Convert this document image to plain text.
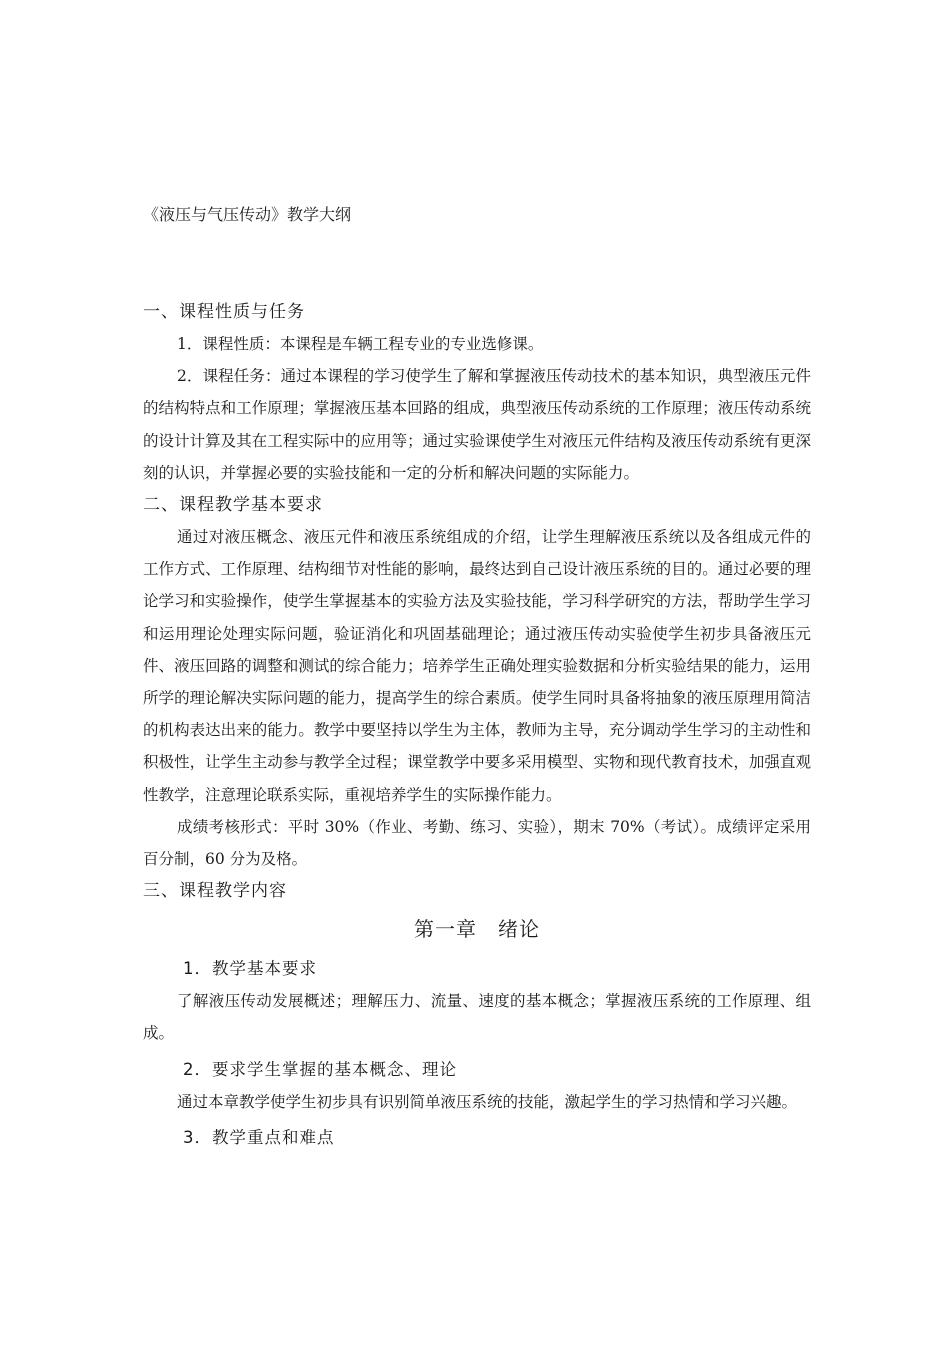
《液压与气压传动》教学大纲
一、课程性质与任务

1．课程性质：本课程是车辆工程专业的专业选修课。

2．课程任务：通过本课程的学习使学生了解和掌握液压传动技术的基本知识，典型液压元件的结构特点和工作原理；掌握液压基本回路的组成，典型液压传动系统的工作原理；液压传动系统的设计计算及其在工程实际中的应用等；通过实验课使学生对液压元件结构及液压传动系统有更深刻的认识，并掌握必要的实验技能和一定的分析和解决问题的实际能力。

二、课程教学基本要求

通过对液压概念、液压元件和液压系统组成的介绍，让学生理解液压系统以及各组成元件的工作方式、工作原理、结构细节对性能的影响，最终达到自己设计液压系统的目的。通过必要的理论学习和实验操作，使学生掌握基本的实验方法及实验技能，学习科学研究的方法，帮助学生学习和运用理论处理实际问题，验证消化和巩固基础理论；通过液压传动实验使学生初步具备液压元件、液压回路的调整和测试的综合能力；培养学生正确处理实验数据和分析实验结果的能力，运用所学的理论解决实际问题的能力，提高学生的综合素质。使学生同时具备将抽象的液压原理用简洁的机构表达出来的能力。教学中要坚持以学生为主体，教师为主导，充分调动学生学习的主动性和积极性，让学生主动参与教学全过程；课堂教学中要多采用模型、实物和现代教育技术，加强直观性教学，注意理论联系实际，重视培养学生的实际操作能力。

成绩考核形式：平时 30%（作业、考勤、练习、实验），期末 70%（考试）。成绩评定采用百分制，60 分为及格。

三、课程教学内容
第一章　绪论
1．教学基本要求

了解液压传动发展概述；理解压力、流量、速度的基本概念；掌握液压系统的工作原理、组成。

2．要求学生掌握的基本概念、理论

通过本章教学使学生初步具有识别简单液压系统的技能，激起学生的学习热情和学习兴趣。

3．教学重点和难点
